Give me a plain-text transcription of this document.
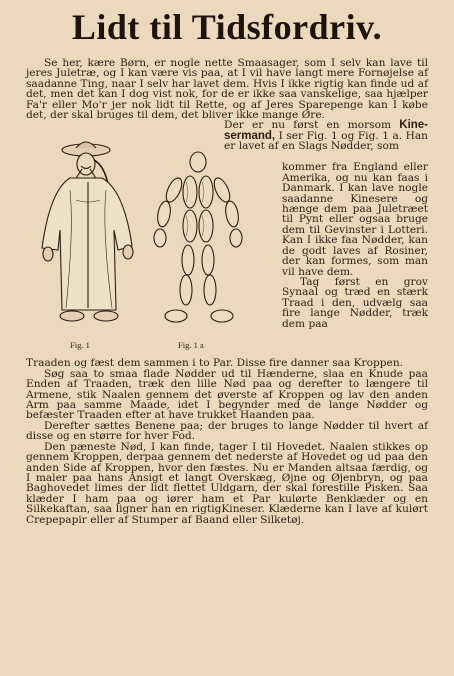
Lidt til Tidsfordriv.

Se her, kære Børn, er nogle nette Smaasager, som I selv kan lave til jeres Juletræ, og I kan være vis paa, at I vil have langt mere Fornøjelse af saadanne Ting, naar I selv har lavet dem. Hvis I ikke rigtig kan finde ud af det, men det kan I dog vist nok, for de er ikke saa vanskelige, saa hjælper Fa'r eller Mo'r jer nok lidt til Rette, og af Jeres Sparepenge kan I købe det, der skal bruges til dem, det bliver ikke mange Øre.

Fig. 1	Fig. 1 a
Der er nu først en morsom Kine- sermand, I ser Fig. 1 og Fig. 1 a. Han er lavet af en Slags Nødder, som

kommer fra England eller Amerika, og nu kan faas i Danmark. I kan lave nogle saadanne Kinesere og hænge dem paa Juletræet til Pynt eller ogsaa bruge dem til Gevinster i Lotteri. Kan I ikke faa Nødder, kan de godt laves af Rosiner, der kan formes, som man vil have dem.

Tag først en grov Synaal og træd en stærk Traad i den, udvælg saa fire lange Nødder, træk dem paa

Traaden og fæst dem sammen i to Par. Disse fire danner saa Kroppen.

Søg saa to smaa flade Nødder ud til Hænderne, slaa en Knude paa Enden af Traaden, træk den lille Nød paa og derefter to længere til Armene, stik Naalen gennem det øverste af Kroppen og lav den anden Arm paa samme Maade, idet I begynder med de lange Nødder og befæster Traaden efter at have trukket Haanden paa.

Derefter sættes Benene paa; der bruges to lange Nødder til hvert af disse og en større for hver Fod.

Den pæneste Nød, I kan finde, tager I til Hovedet. Naalen stikkes op gennem Kroppen, derpaa gennem det nederste af Hovedet og ud paa den anden Side af Kroppen, hvor den fæstes. Nu er Manden altsaa færdig, og I maler paa hans Ansigt et langt Overskæg, Øjne og Øjenbryn, og paa Baghovedet limes der lidt flettet Uldgarn, der skal forestille Pisken. Saa klæder I ham paa og iører ham et Par kulørte Benklæder og en Silkekaftan, saa ligner han en rigtigKineser. Klæderne kan I lave af kulørt Crepepapir eller af Stumper af Baand eller Silketøj.
